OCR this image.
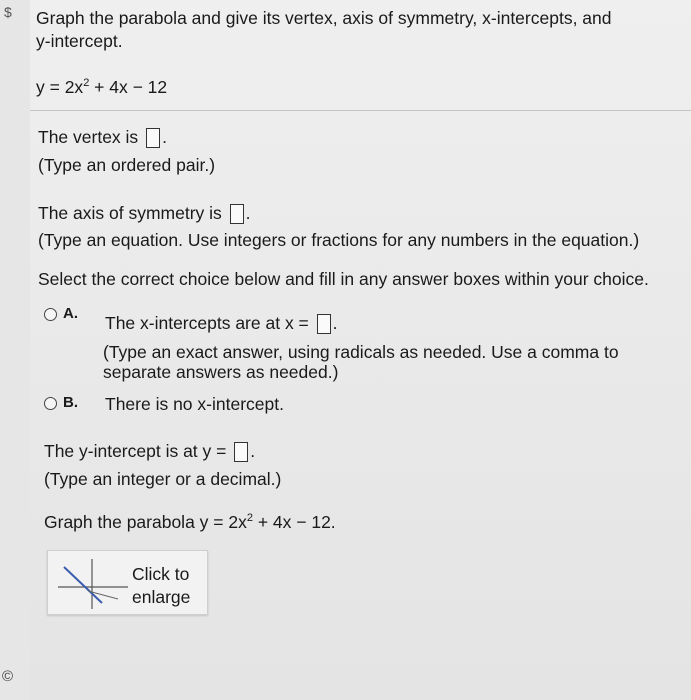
$
©
Graph the parabola and give its vertex, axis of symmetry, x-intercepts, and
y-intercept.
$y = 2x^2 + 4x - 12$
The vertex is .
(Type an ordered pair.)
The axis of symmetry is .
(Type an equation. Use integers or fractions for any numbers in the equation.)
Select the correct choice below and fill in any answer boxes within your choice.
A. The x-intercepts are at x = .
(Type an exact answer, using radicals as needed. Use a comma to
separate answers as needed.)
B. There is no x-intercept.
The y-intercept is at y = .
(Type an integer or a decimal.)
Graph the parabola $y = 2x^2 + 4x - 12$.
Click to
enlarge
